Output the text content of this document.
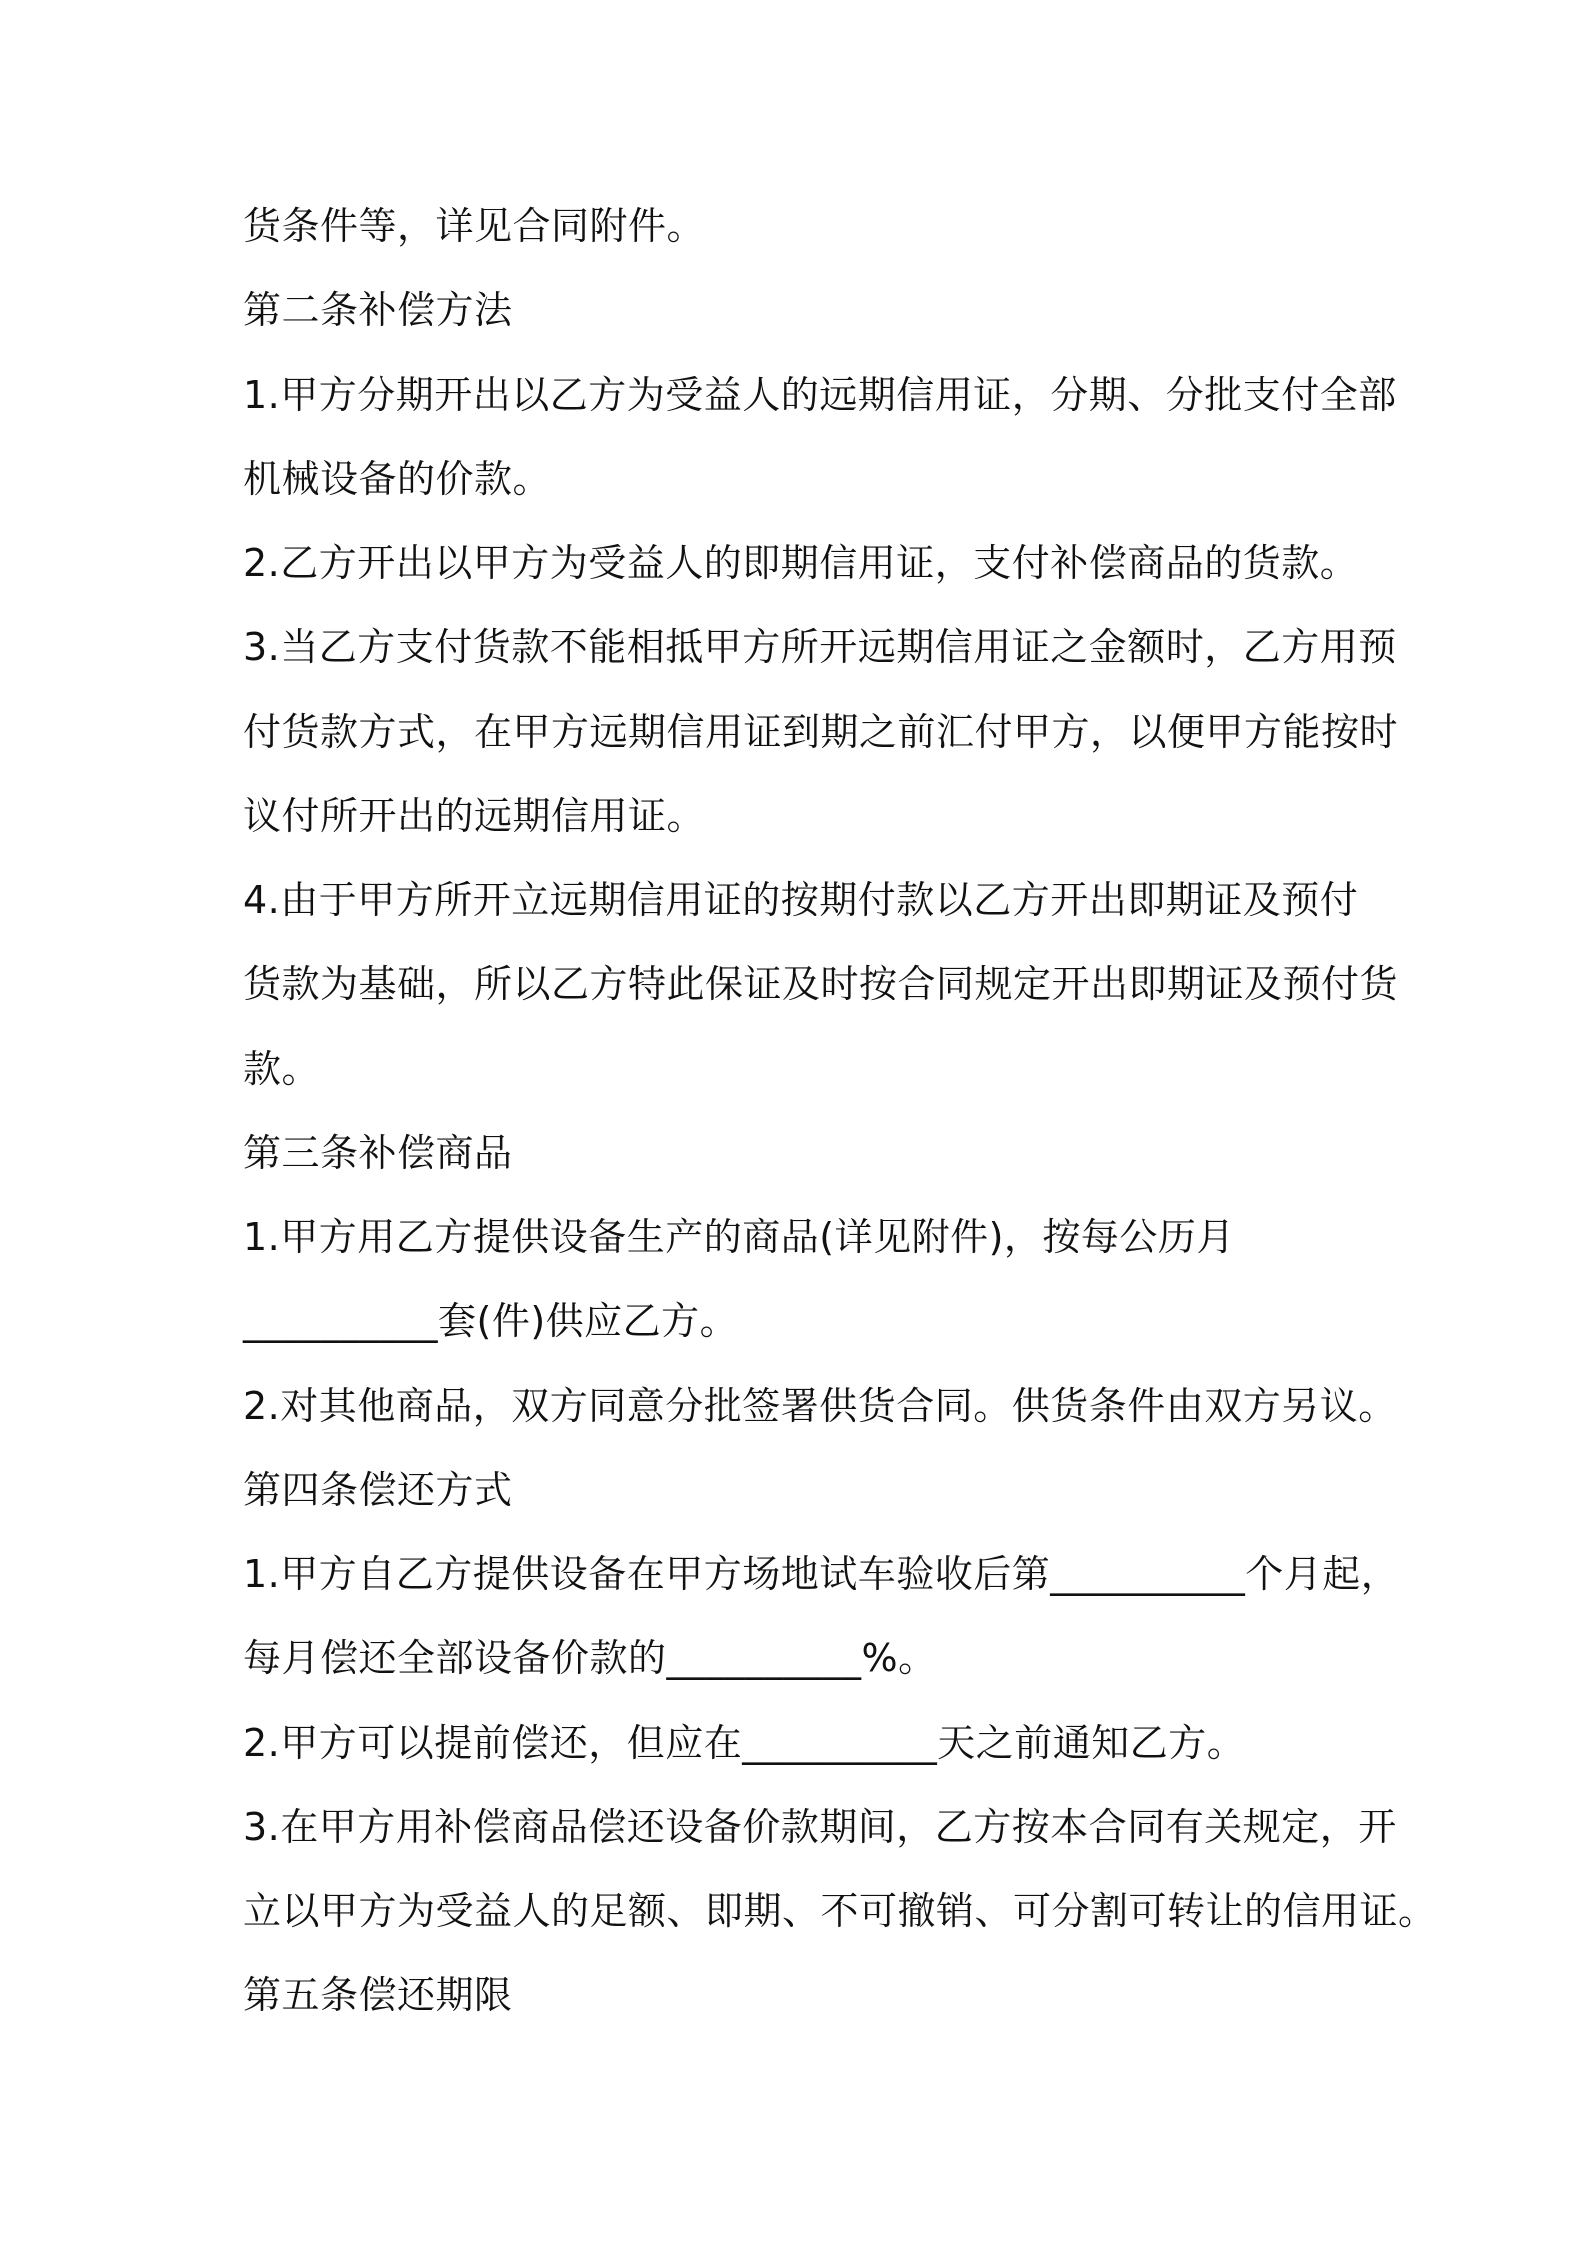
货条件等，详见合同附件。
第二条补偿方法
1.甲方分期开出以乙方为受益人的远期信用证，分期、分批支付全部
机械设备的价款。
2.乙方开出以甲方为受益人的即期信用证，支付补偿商品的货款。
3.当乙方支付货款不能相抵甲方所开远期信用证之金额时，乙方用预
付货款方式，在甲方远期信用证到期之前汇付甲方，以便甲方能按时
议付所开出的远期信用证。
4.由于甲方所开立远期信用证的按期付款以乙方开出即期证及预付
货款为基础，所以乙方特此保证及时按合同规定开出即期证及预付货
款。
第三条补偿商品
1.甲方用乙方提供设备生产的商品(详见附件)，按每公历月
__________套(件)供应乙方。
2.对其他商品，双方同意分批签署供货合同。供货条件由双方另议。
第四条偿还方式
1.甲方自乙方提供设备在甲方场地试车验收后第__________个月起，
每月偿还全部设备价款的__________%。
2.甲方可以提前偿还，但应在__________天之前通知乙方。
3.在甲方用补偿商品偿还设备价款期间，乙方按本合同有关规定，开
立以甲方为受益人的足额、即期、不可撤销、可分割可转让的信用证。
第五条偿还期限
